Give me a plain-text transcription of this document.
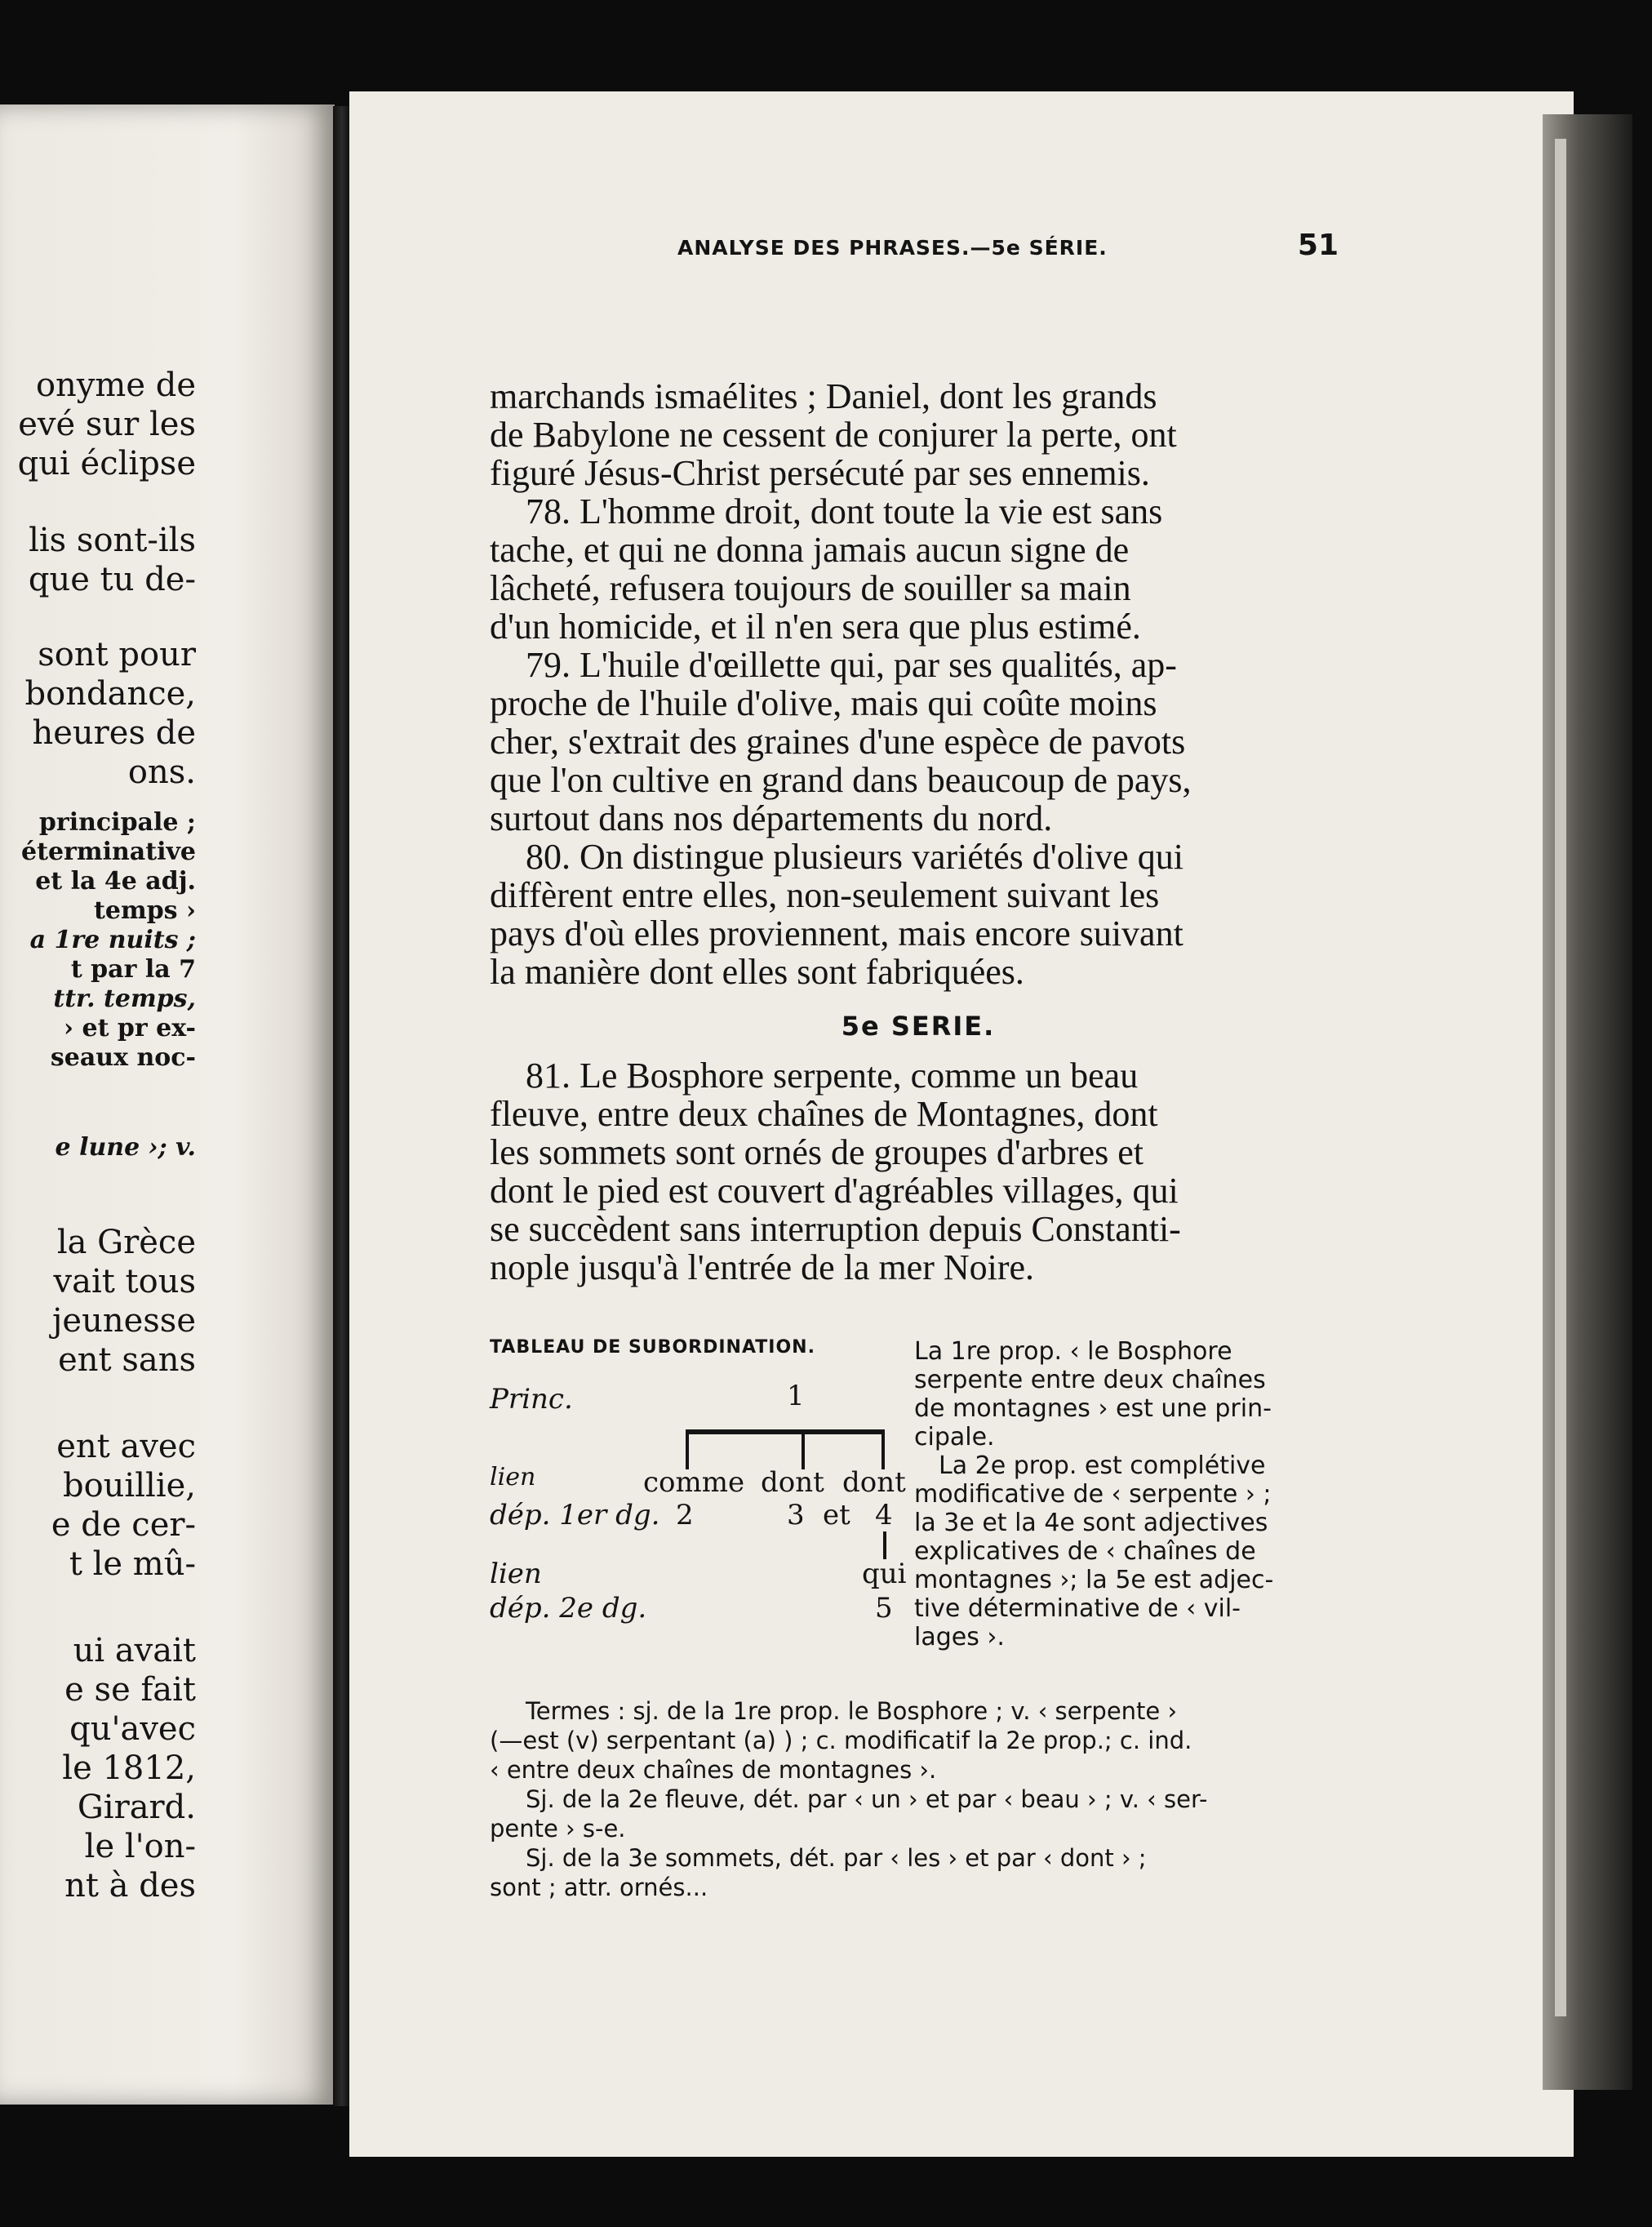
onyme de
evé sur les
qui éclipse
lis sont-ils
que tu de-
sont pour
bondance,
heures de
ons.
principale ;
éterminative
et la 4e adj.
temps ›
a 1re nuits ;
t par la 7
ttr. temps,
› et pr ex-
seaux noc-
e lune ›; v.
la Grèce
vait tous
jeunesse
ent sans
ent avec
bouillie,
e de cer-
t le mû-
ui avait
e se fait
qu'avec
le 1812,
Girard.
le l'on-
nt à des
ANALYSE DES PHRASES.—5e SÉRIE.	51
marchands ismaélites ; Daniel, dont les grands
de Babylone ne cessent de conjurer la perte, ont
figuré Jésus-Christ persécuté par ses ennemis.
78. L'homme droit, dont toute la vie est sans
tache, et qui ne donna jamais aucun signe de
lâcheté, refusera toujours de souiller sa main
d'un homicide, et il n'en sera que plus estimé.
79. L'huile d'œillette qui, par ses qualités, ap-
proche de l'huile d'olive, mais qui coûte moins
cher, s'extrait des graines d'une espèce de pavots
que l'on cultive en grand dans beaucoup de pays,
surtout dans nos départements du nord.
80. On distingue plusieurs variétés d'olive qui
diffèrent entre elles, non-seulement suivant les
pays d'où elles proviennent, mais encore suivant
la manière dont elles sont fabriquées.
5e SERIE.
81. Le Bosphore serpente, comme un beau
fleuve, entre deux chaînes de Montagnes, dont
les sommets sont ornés de groupes d'arbres et
dont le pied est couvert d'agréables villages, qui
se succèdent sans interruption depuis Constanti-
nople jusqu'à l'entrée de la mer Noire.
TABLEAU DE SUBORDINATION.
Princ.	1
lien	comme dont dont
dép. 1er dg. 2	3 et 4
lien	qui
dép. 2e dg.	5
La 1re prop. ‹ le Bosphore
serpente entre deux chaînes
de montagnes › est une prin-
cipale.
La 2e prop. est complétive
modificative de ‹ serpente › ;
la 3e et la 4e sont adjectives
explicatives de ‹ chaînes de
montagnes ›; la 5e est adjec-
tive déterminative de ‹ vil-
lages ›.
Termes : sj. de la 1re prop. le Bosphore ; v. ‹ serpente ›
(—est (v) serpentant (a) ) ; c. modificatif la 2e prop.; c. ind.
‹ entre deux chaînes de montagnes ›.
Sj. de la 2e fleuve, dét. par ‹ un › et par ‹ beau › ; v. ‹ ser-
pente › s-e.
Sj. de la 3e sommets, dét. par ‹ les › et par ‹ dont › ;
sont ; attr. ornés...
